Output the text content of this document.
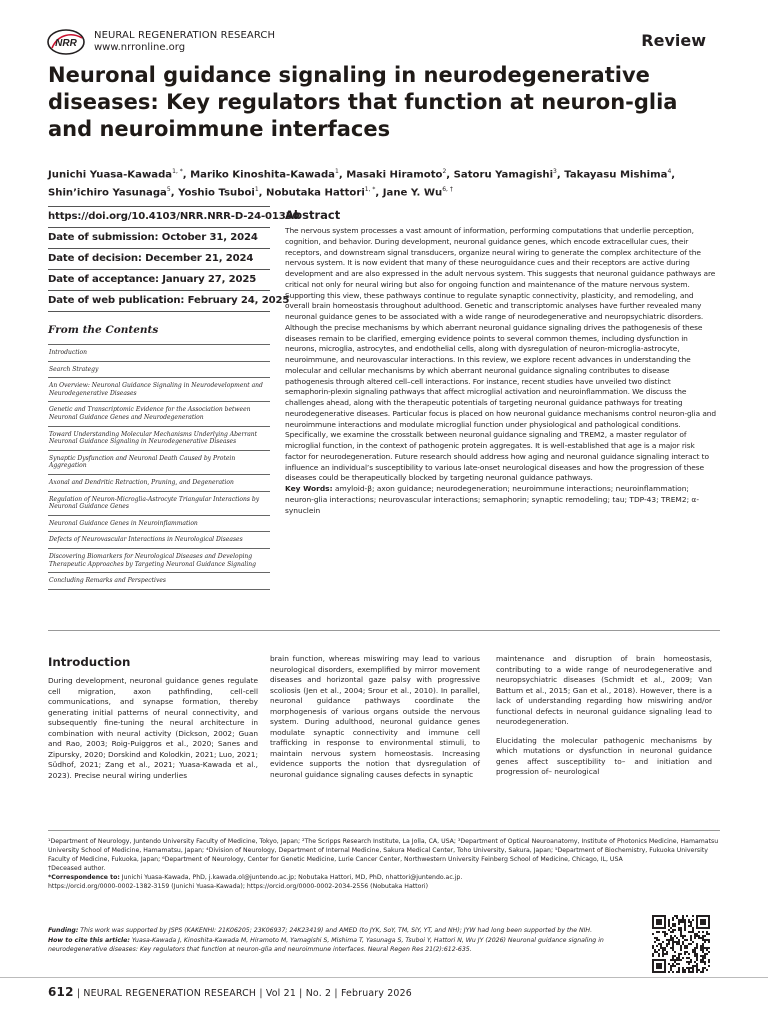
NRR
NEURAL REGENERATION RESEARCH
www.nrronline.org	Review
Neuronal guidance signaling in neurodegenerative diseases: Key regulators that function at neuron-glia and neuroimmune interfaces
Junichi Yuasa-Kawada$^{1, *}$, Mariko Kinoshita-Kawada$^1$, Masaki Hiramoto$^2$, Satoru Yamagishi$^3$, Takayasu Mishima$^4$,
Shin’ichiro Yasunaga$^5$, Yoshio Tsuboi$^1$, Nobutaka Hattori$^{1, *}$, Jane Y. $Wu^{6, \dagger}$
https://doi.org/10.4103/NRR.NRR-D-24-01330
Date of submission: October 31, 2024
Date of decision: December 21, 2024
Date of acceptance: January 27, 2025
Date of web publication: February 24, 2025
From the Contents
Introduction
Search Strategy
An Overview: Neuronal Guidance Signaling in Neurodevelopment and Neurodegenerative Diseases
Genetic and Transcriptomic Evidence for the Association between Neuronal Guidance Genes and Neurodegeneration
Toward Understanding Molecular Mechanisms Underlying Aberrant Neuronal Guidance Signaling in Neurodegenerative Diseases
Synaptic Dysfunction and Neuronal Death Caused by Protein Aggregation
Axonal and Dendritic Retraction, Pruning, and Degeneration
Regulation of Neuron-Microglia-Astrocyte Triangular Interactions by Neuronal Guidance Genes
Neuronal Guidance Genes in Neuroinflammation
Defects of Neurovascular Interactions in Neurological Diseases
Discovering Biomarkers for Neurological Diseases and Developing Therapeutic Approaches by Targeting Neuronal Guidance Signaling
Concluding Remarks and Perspectives
Abstract

The nervous system processes a vast amount of information, performing computations that underlie perception, cognition, and behavior. During development, neuronal guidance genes, which encode extracellular cues, their receptors, and downstream signal transducers, organize neural wiring to generate the complex architecture of the nervous system. It is now evident that many of these neuroguidance cues and their receptors are active during development and are also expressed in the adult nervous system. This suggests that neuronal guidance pathways are critical not only for neural wiring but also for ongoing function and maintenance of the mature nervous system. Supporting this view, these pathways continue to regulate synaptic connectivity, plasticity, and remodeling, and overall brain homeostasis throughout adulthood. Genetic and transcriptomic analyses have further revealed many neuronal guidance genes to be associated with a wide range of neurodegenerative and neuropsychiatric disorders. Although the precise mechanisms by which aberrant neuronal guidance signaling drives the pathogenesis of these diseases remain to be clarified, emerging evidence points to several common themes, including dysfunction in neurons, microglia, astrocytes, and endothelial cells, along with dysregulation of neuron-microglia-astrocyte, neuroimmune, and neurovascular interactions. In this review, we explore recent advances in understanding the molecular and cellular mechanisms by which aberrant neuronal guidance signaling contributes to disease pathogenesis through altered cell–cell interactions. For instance, recent studies have unveiled two distinct semaphorin-plexin signaling pathways that affect microglial activation and neuroinflammation. We discuss the challenges ahead, along with the therapeutic potentials of targeting neuronal guidance pathways for treating neurodegenerative diseases. Particular focus is placed on how neuronal guidance mechanisms control neuron-glia and neuroimmune interactions and modulate microglial function under physiological and pathological conditions. Specifically, we examine the crosstalk between neuronal guidance signaling and TREM2, a master regulator of microglial function, in the context of pathogenic protein aggregates. It is well-established that age is a major risk factor for neurodegeneration. Future research should address how aging and neuronal guidance signaling interact to influence an individual’s susceptibility to various late-onset neurological diseases and how the progression of these diseases could be therapeutically blocked by targeting neuronal guidance pathways.

Key Words: amyloid-β; axon guidance; neurodegeneration; neuroimmune interactions; neuroinflammation; neuron-glia interactions; neurovascular interactions; semaphorin; synaptic remodeling; tau; TDP-43; TREM2; α-synuclein

Introduction

During development, neuronal guidance genes regulate cell migration, axon pathfinding, cell-cell communications, and synapse formation, thereby generating initial patterns of neural connectivity, and subsequently fine-tuning the neural architecture in combination with neural activity (Dickson, 2002; Guan and Rao, 2003; Roig-Puiggros et al., 2020; Sanes and Zipursky, 2020; Dorskind and Kolodkin, 2021; Luo, 2021; Südhof, 2021; Zang et al., 2021; Yuasa-Kawada et al., 2023). Precise neural wiring underlies

brain function, whereas miswiring may lead to various neurological disorders, exemplified by mirror movement diseases and horizontal gaze palsy with progressive scoliosis (Jen et al., 2004; Srour et al., 2010). In parallel, neuronal guidance pathways coordinate the morphogenesis of various organs outside the nervous system. During adulthood, neuronal guidance genes modulate synaptic connectivity and immune cell trafficking in response to environmental stimuli, to maintain nervous system homeostasis. Increasing evidence supports the notion that dysregulation of neuronal guidance signaling causes defects in synaptic

maintenance and disruption of brain homeostasis, contributing to a wide range of neurodegenerative and neuropsychiatric diseases (Schmidt et al., 2009; Van Battum et al., 2015; Gan et al., 2018). However, there is a lack of understanding regarding how miswiring and/or functional defects in neuronal guidance signaling lead to neurodegeneration.

Elucidating the molecular pathogenic mechanisms by which mutations or dysfunction in neuronal guidance genes affect susceptibility to– and initiation and progression of– neurological

¹Department of Neurology, Juntendo University Faculty of Medicine, Tokyo, Japan; ²The Scripps Research Institute, La Jolla, CA, USA; ³Department of Optical Neuroanatomy, Institute of Photonics Medicine, Hamamatsu University School of Medicine, Hamamatsu, Japan; ⁴Division of Neurology, Department of Internal Medicine, Sakura Medical Center, Toho University, Sakura, Japan; ⁵Department of Biochemistry, Fukuoka University Faculty of Medicine, Fukuoka, Japan; ⁶Department of Neurology, Center for Genetic Medicine, Lurie Cancer Center, Northwestern University Feinberg School of Medicine, Chicago, IL, USA

†Deceased author.

*Correspondence to: Junichi Yuasa-Kawada, PhD, j.kawada.ol@juntendo.ac.jp; Nobutaka Hattori, MD, PhD, nhattori@juntendo.ac.jp.

https://orcid.org/0000-0002-1382-3159 (Junichi Yuasa-Kawada); https://orcid.org/0000-0002-2034-2556 (Nobutaka Hattori)

Funding: This work was supported by JSPS (KAKENHI: 21K06205; 23K06937; 24K23419) and AMED (to JYK, SoY, TM, SiY, YT, and NH); JYW had long been supported by the NIH.

How to cite this article: Yuasa-Kawada J, Kinoshita-Kawada M, Hiramoto M, Yamagishi S, Mishima T, Yasunaga S, Tsuboi Y, Hattori N, Wu JY (2026) Neuronal guidance signaling in neurodegenerative diseases: Key regulators that function at neuron-glia and neuroimmune interfaces. Neural Regen Res 21(2):612-635.

612 | NEURAL REGENERATION RESEARCH | Vol 21 | No. 2 | February 2026
